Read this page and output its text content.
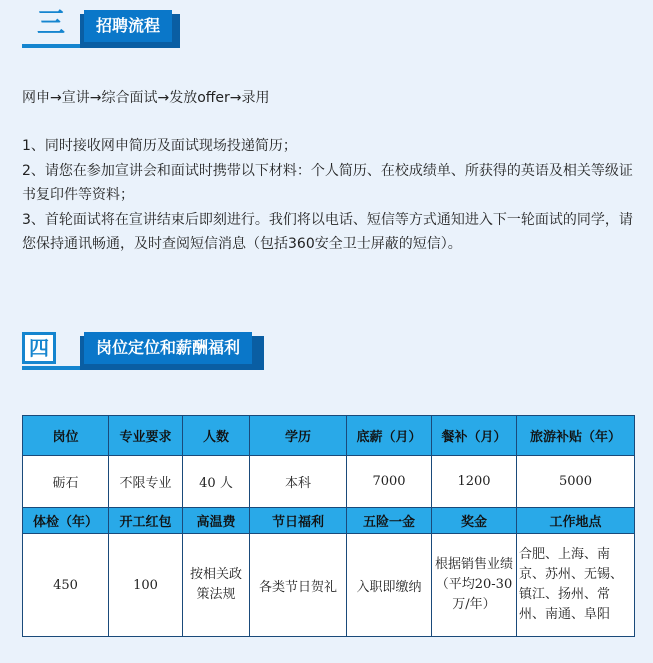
三	招聘流程
网申→宣讲→综合面试→发放offer→录用
1、同时接收网申简历及面试现场投递简历；
2、请您在参加宣讲会和面试时携带以下材料：个人简历、在校成绩单、所获得的英语及相关等级证书复印件等资料；
3、首轮面试将在宣讲结束后即刻进行。我们将以电话、短信等方式通知进入下一轮面试的同学，请您保持通讯畅通，及时查阅短信消息（包括360安全卫士屏蔽的短信）。
四	岗位定位和薪酬福利
岗位	专业要求	人数	学历	底薪（月）	餐补（月）	旅游补贴（年）
砺石	不限专业	40 人	本科	7000	1200	5000
体检（年）	开工红包	高温费	节日福利	五险一金	奖金	工作地点
450	100	按相关政策法规	各类节日贺礼	入职即缴纳	根据销售业绩（平均20-30万/年）	合肥、上海、南京、苏州、无锡、镇江、扬州、常州、南通、阜阳
